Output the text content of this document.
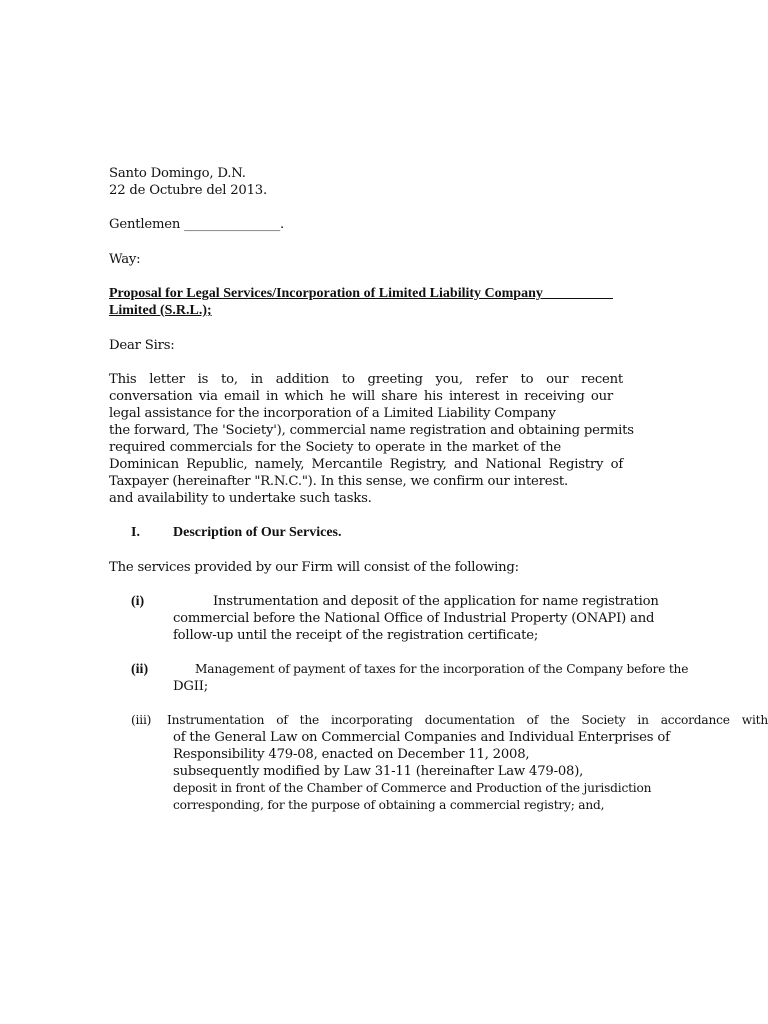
Santo Domingo, D.N.
22 de Octubre del 2013.
Gentlemen _______________.
Way:
Proposal for Legal Services/Incorporation of Limited Liability Company__________
Limited (S.R.L.);
Dear Sirs:
This letter is to, in addition to greeting you, refer to our recent
conversation via email in which he will share his interest in receiving our
legal assistance for the incorporation of a Limited Liability Company
the forward, The 'Society'), commercial name registration and obtaining permits
required commercials for the Society to operate in the market of the
Dominican Republic, namely, Mercantile Registry, and National Registry of
Taxpayer (hereinafter "R.N.C."). In this sense, we confirm our interest.
and availability to undertake such tasks.
I. Description of Our Services.
The services provided by our Firm will consist of the following:
(i)	Instrumentation and deposit of the application for name registration
commercial before the National Office of Industrial Property (ONAPI) and
follow-up until the receipt of the registration certificate;
(ii)	Management of payment of taxes for the incorporation of the Company before the
DGII;
(iii) Instrumentation of the incorporating documentation of the Society in accordance with
of the General Law on Commercial Companies and Individual Enterprises of
Responsibility 479-08, enacted on December 11, 2008,
subsequently modified by Law 31-11 (hereinafter Law 479-08),
deposit in front of the Chamber of Commerce and Production of the jurisdiction
corresponding, for the purpose of obtaining a commercial registry; and,
